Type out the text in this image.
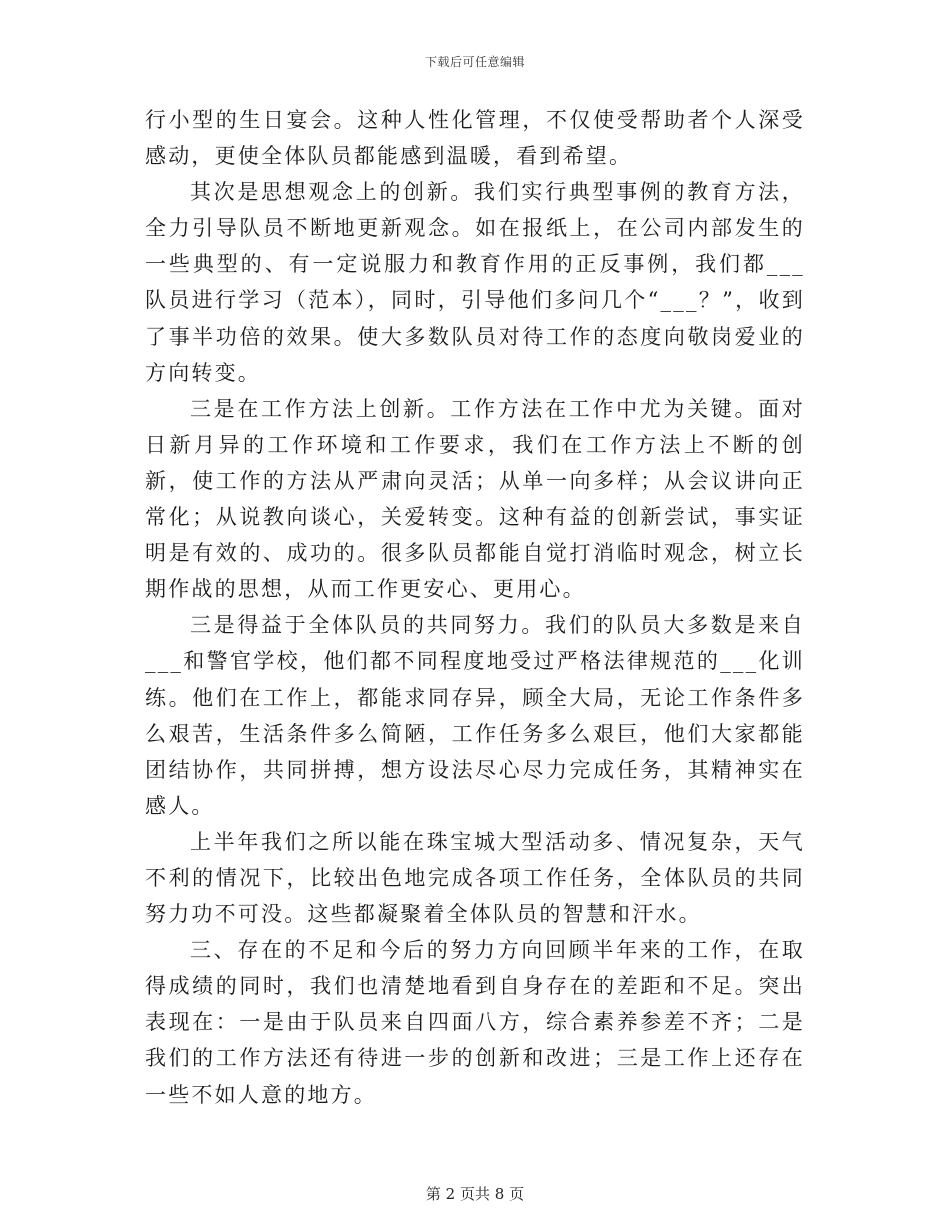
下载后可任意编辑

行小型的生日宴会。这种人性化管理，不仅使受帮助者个人深受感动，更使全体队员都能感到温暖，看到希望。

其次是思想观念上的创新。我们实行典型事例的教育方法，全力引导队员不断地更新观念。如在报纸上，在公司内部发生的一些典型的、有一定说服力和教育作用的正反事例，我们都___队员进行学习（范本），同时，引导他们多问几个“___？”，收到了事半功倍的效果。使大多数队员对待工作的态度向敬岗爱业的方向转变。

三是在工作方法上创新。工作方法在工作中尤为关键。面对日新月异的工作环境和工作要求，我们在工作方法上不断的创新，使工作的方法从严肃向灵活；从单一向多样；从会议讲向正常化；从说教向谈心，关爱转变。这种有益的创新尝试，事实证明是有效的、成功的。很多队员都能自觉打消临时观念，树立长期作战的思想，从而工作更安心、更用心。

三是得益于全体队员的共同努力。我们的队员大多数是来自___和警官学校，他们都不同程度地受过严格法律规范的___化训练。他们在工作上，都能求同存异，顾全大局，无论工作条件多么艰苦，生活条件多么简陋，工作任务多么艰巨，他们大家都能团结协作，共同拼搏，想方设法尽心尽力完成任务，其精神实在感人。

上半年我们之所以能在珠宝城大型活动多、情况复杂，天气不利的情况下，比较出色地完成各项工作任务，全体队员的共同努力功不可没。这些都凝聚着全体队员的智慧和汗水。

三、存在的不足和今后的努力方向回顾半年来的工作，在取得成绩的同时，我们也清楚地看到自身存在的差距和不足。突出表现在：一是由于队员来自四面八方，综合素养参差不齐；二是我们的工作方法还有待进一步的创新和改进；三是工作上还存在一些不如人意的地方。

第 2 页共 8 页
